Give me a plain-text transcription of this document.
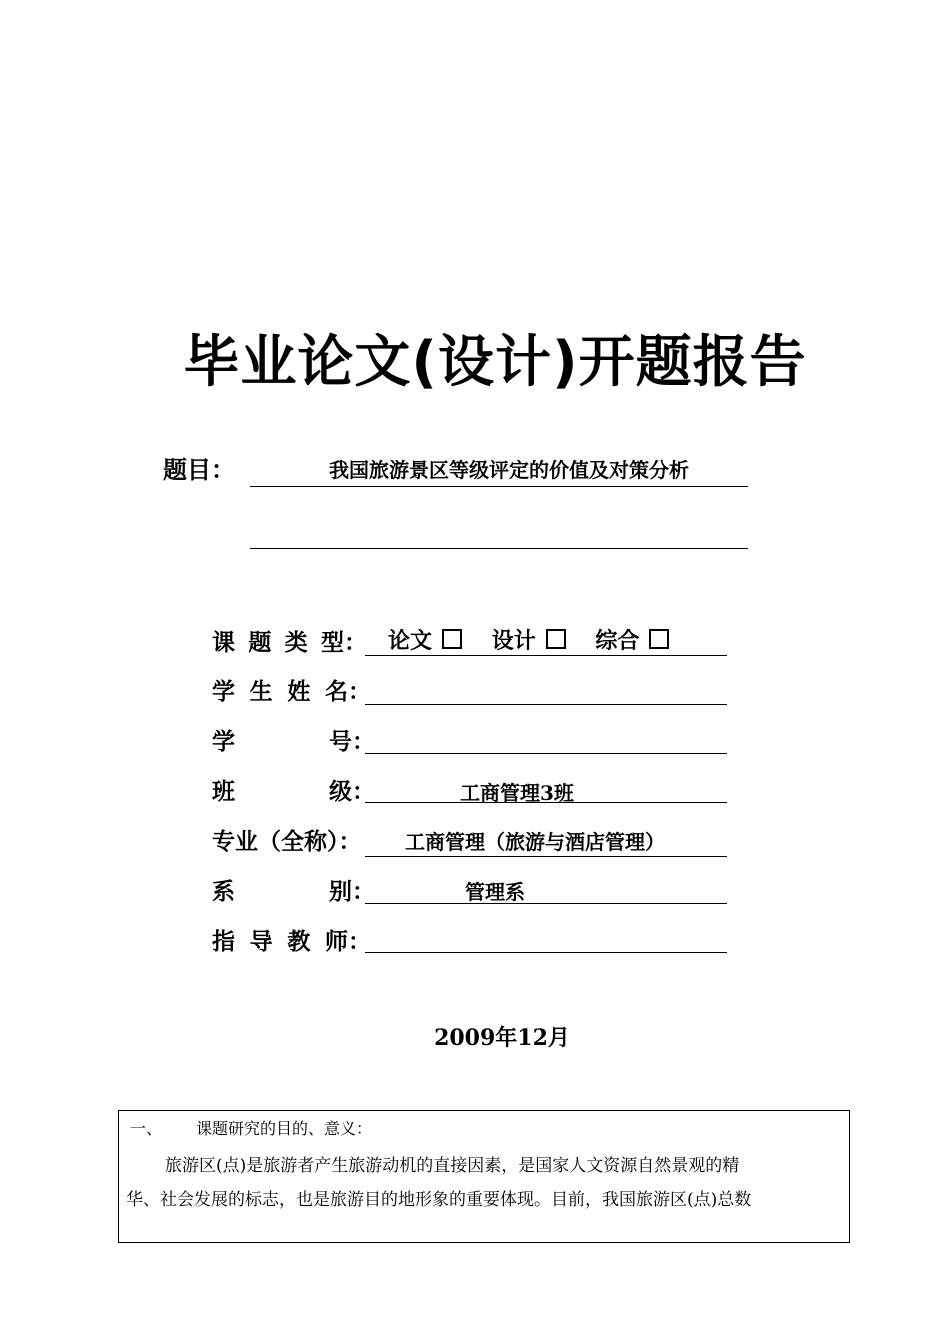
毕业论文(设计)开题报告
题目：	我国旅游景区等级评定的价值及对策分析
课 题 类 型 ： 论文	设计	综合
学 生 姓 名 ：
学	号 ：
班	级 ：	工商管理3班
专业（全称）： 工商管理（旅游与酒店管理）
系	别 ：	管理系
指 导 教 师 ：
2009年12月
一、 课题研究的目的、意义：
旅游区(点)是旅游者产生旅游动机的直接因素，是国家人文资源自然景观的精
华、社会发展的标志，也是旅游目的地形象的重要体现。目前，我国旅游区(点)总数
